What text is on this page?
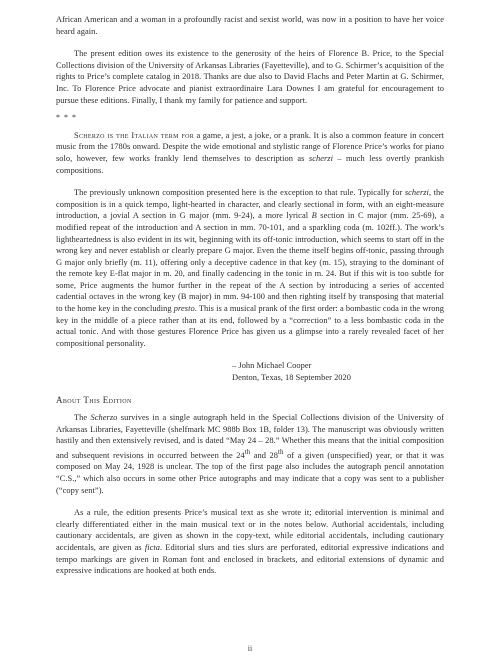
African American and a woman in a profoundly racist and sexist world, was now in a position to have her voice heard again.

The present edition owes its existence to the generosity of the heirs of Florence B. Price, to the Special Collections division of the University of Arkansas Libraries (Fayetteville), and to G. Schirmer’s acquisition of the rights to Price’s complete catalog in 2018. Thanks are due also to David Flachs and Peter Martin at G. Schirmer, Inc. To Florence Price advocate and pianist extraordinaire Lara Downes I am grateful for encouragement to pursue these editions. Finally, I thank my family for patience and support.

* * *

Scherzo is the Italian term for a game, a jest, a joke, or a prank. It is also a common feature in concert music from the 1780s onward. Despite the wide emotional and stylistic range of Florence Price’s works for piano solo, however, few works frankly lend themselves to description as scherzi – much less overtly prankish compositions.

The previously unknown composition presented here is the exception to that rule. Typically for scherzi, the composition is in a quick tempo, light-hearted in character, and clearly sectional in form, with an eight-measure introduction, a jovial A section in G major (mm. 9-24), a more lyrical B section in C major (mm. 25-69), a modified repeat of the introduction and A section in mm. 70-101, and a sparkling coda (m. 102ff.). The work’s lightheartedness is also evident in its wit, beginning with its off-tonic introduction, which seems to start off in the wrong key and never establish or clearly prepare G major. Even the theme itself begins off-tonic, passing through G major only briefly (m. 11), offering only a deceptive cadence in that key (m. 15), straying to the dominant of the remote key E-flat major in m. 20, and finally cadencing in the tonic in m. 24. But if this wit is too subtle for some, Price augments the humor further in the repeat of the A section by introducing a series of accented cadential octaves in the wrong key (B major) in mm. 94-100 and then righting itself by transposing that material to the home key in the concluding presto. This is a musical prank of the first order: a bombastic coda in the wrong key in the middle of a piece rather than at its end, followed by a “correction” to a less bombastic coda in the actual tonic. And with those gestures Florence Price has given us a glimpse into a rarely revealed facet of her compositional personality.

– John Michael Cooper

Denton, Texas, 18 September 2020

About This Edition

The Scherzo survives in a single autograph held in the Special Collections division of the University of Arkansas Libraries, Fayetteville (shelfmark MC 988b Box 1B, folder 13). The manuscript was obviously written hastily and then extensively revised, and is dated “May 24 – 28.” Whether this means that the initial composition and subsequent revisions in occurred between the 24th and 28th of a given (unspecified) year, or that it was composed on May 24, 1928 is unclear. The top of the first page also includes the autograph pencil annotation “C.S.,” which also occurs in some other Price autographs and may indicate that a copy was sent to a publisher (“copy sent”).

As a rule, the edition presents Price’s musical text as she wrote it; editorial intervention is minimal and clearly differentiated either in the main musical text or in the notes below. Authorial accidentals, including cautionary accidentals, are given as shown in the copy-text, while editorial accidentals, including cautionary accidentals, are given as ficta. Editorial slurs and ties slurs are perforated, editorial expressive indications and tempo markings are given in Roman font and enclosed in brackets, and editorial extensions of dynamic and expressive indications are hooked at both ends.

ii
